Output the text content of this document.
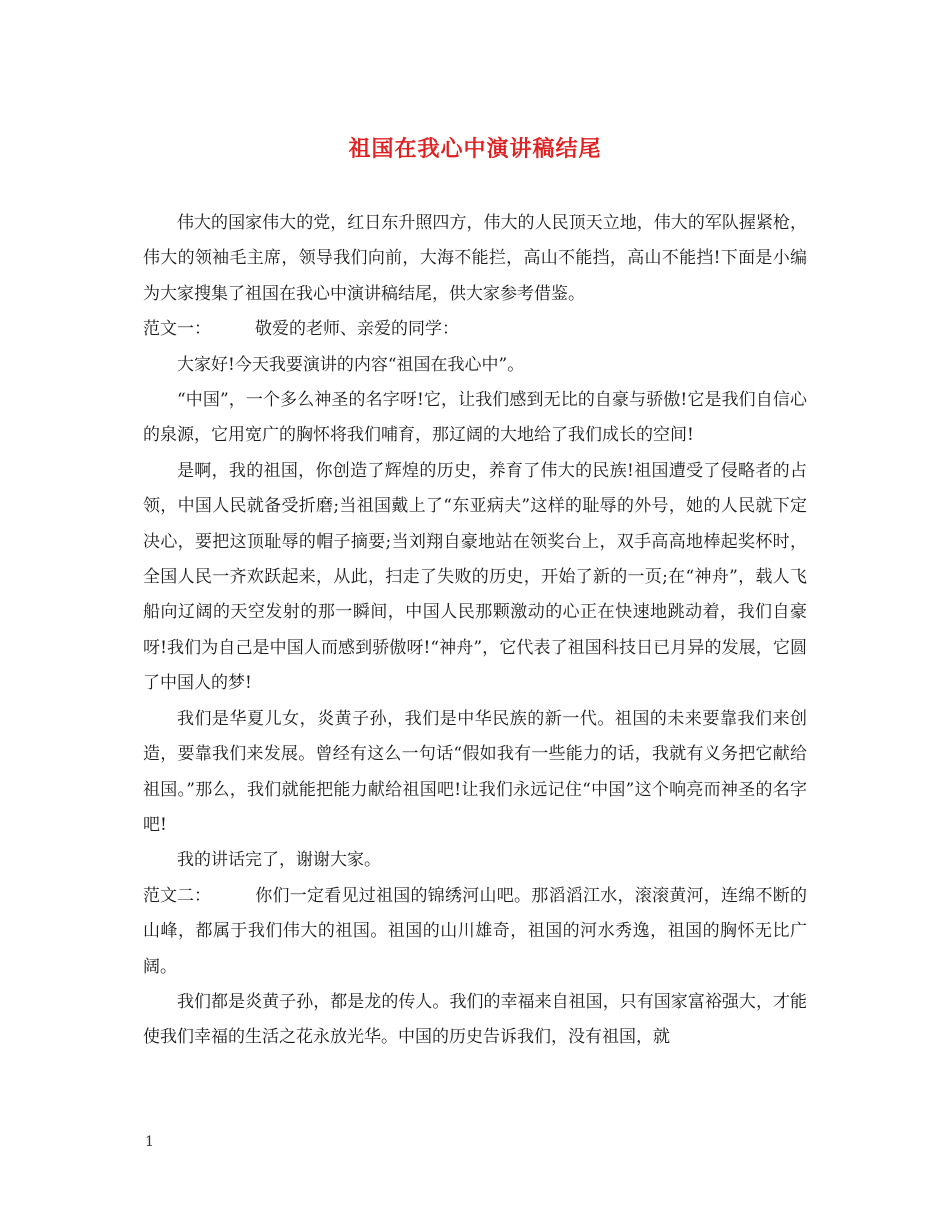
祖国在我心中演讲稿结尾

伟大的国家伟大的党，红日东升照四方，伟大的人民顶天立地，伟大的军队握紧枪，伟大的领袖毛主席，领导我们向前，大海不能拦，高山不能挡，高山不能挡!下面是小编为大家搜集了祖国在我心中演讲稿结尾，供大家参考借鉴。

范文一：	敬爱的老师、亲爱的同学：

大家好!今天我要演讲的内容“祖国在我心中”。

“中国”，一个多么神圣的名字呀!它，让我们感到无比的自豪与骄傲!它是我们自信心的泉源，它用宽广的胸怀将我们哺育，那辽阔的大地给了我们成长的空间!

是啊，我的祖国，你创造了辉煌的历史，养育了伟大的民族!祖国遭受了侵略者的占领，中国人民就备受折磨;当祖国戴上了“东亚病夫”这样的耻辱的外号，她的人民就下定决心，要把这顶耻辱的帽子摘要;当刘翔自豪地站在领奖台上，双手高高地棒起奖杯时，全国人民一齐欢跃起来，从此，扫走了失败的历史，开始了新的一页;在“神舟”，载人飞船向辽阔的天空发射的那一瞬间，中国人民那颗激动的心正在快速地跳动着，我们自豪呀!我们为自己是中国人而感到骄傲呀!“神舟”，它代表了祖国科技日已月异的发展，它圆了中国人的梦!

我们是华夏儿女，炎黄子孙，我们是中华民族的新一代。祖国的未来要靠我们来创造，要靠我们来发展。曾经有这么一句话“假如我有一些能力的话，我就有义务把它献给祖国。”那么，我们就能把能力献给祖国吧!让我们永远记住“中国”这个响亮而神圣的名字吧!

我的讲话完了，谢谢大家。

范文二：	你们一定看见过祖国的锦绣河山吧。那滔滔江水，滚滚黄河，连绵不断的山峰，都属于我们伟大的祖国。祖国的山川雄奇，祖国的河水秀逸，祖国的胸怀无比广阔。

我们都是炎黄子孙，都是龙的传人。我们的幸福来自祖国，只有国家富裕强大，才能使我们幸福的生活之花永放光华。中国的历史告诉我们，没有祖国，就

1
